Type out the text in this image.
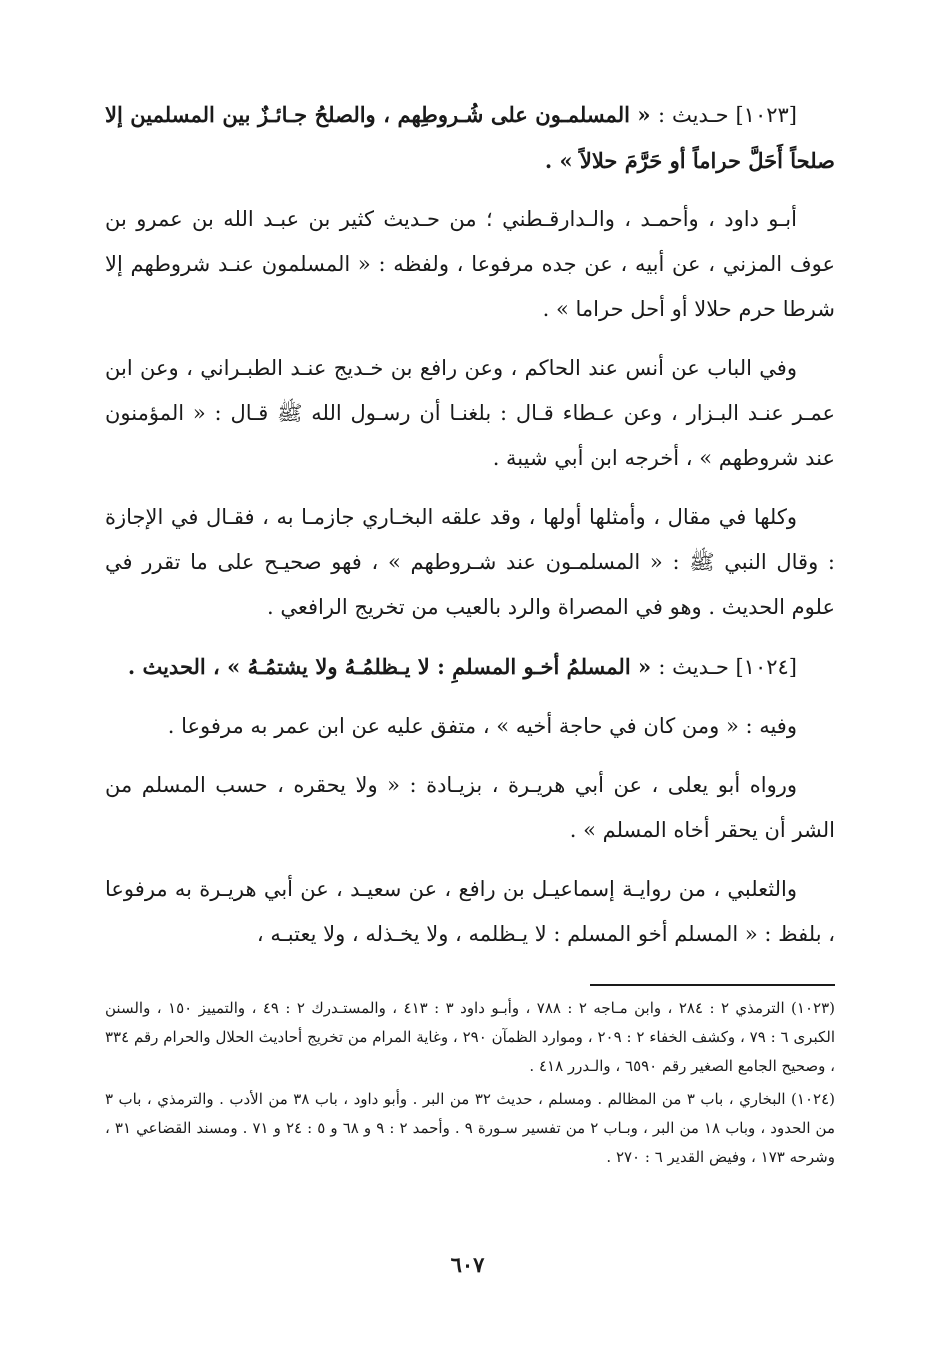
[١٠٢٣] حـديث : « المسلمـون على شُـروطِهم ، والصلحُ جـائـزٌ بين المسلمين إلا صلحاً أَحَلَّ حراماً أو حَرَّمَ حلالاً » .

أبـو داود ، وأحمـد ، والـدارقـطني ؛ من حـديث كثير بن عبـد الله بن عمرو بن عوف المزني ، عن أبيه ، عن جده مرفوعا ، ولفظه : « المسلمون عنـد شروطهم إلا شرطا حرم حلالا أو أحل حراما » .

وفي الباب عن أنس عند الحاكم ، وعن رافع بن خـديج عنـد الطبـراني ، وعن ابن عمـر عنـد البـزار ، وعن عـطاء قـال : بلغنـا أن رسـول الله ﷺ قـال : « المؤمنون عند شروطهم » ، أخرجه ابن أبي شيبة .

وكلها في مقال ، وأمثلها أولها ، وقد علقه البخـاري جازمـا به ، فقـال في الإجازة : وقال النبي ﷺ : « المسلمـون عند شـروطهم » ، فهو صحيـح على ما تقرر في علوم الحديث . وهو في المصراة والرد بالعيب من تخريج الرافعي .

[١٠٢٤] حـديث : « المسلمُ أخـو المسلمِ : لا يـظلمُـهُ ولا يشتمُـهُ » ، الحديث .

وفيه : « ومن كان في حاجة أخيه » ، متفق عليه عن ابن عمر به مرفوعا .

ورواه أبو يعلى ، عن أبي هريـرة ، بزيـادة : « ولا يحقره ، حسب المسلم من الشر أن يحقر أخاه المسلم » .

والثعلبي ، من روايـة إسماعيـل بن رافع ، عن سعيـد ، عن أبي هريـرة به مرفوعا ، بلفظ : « المسلم أخو المسلم : لا يـظلمه ، ولا يخـذله ، ولا يعتبـه ،

(١٠٢٣) الترمذي ٢ : ٢٨٤ ، وابن مـاجه ٢ : ٧٨٨ ، وأبـو داود ٣ : ٤١٣ ، والمستـدرك ٢ : ٤٩ ، والتمييز ١٥٠ ، والسنن الكبرى ٦ : ٧٩ ، وكشف الخفاء ٢ : ٢٠٩ ، وموارد الظمآن ٢٩٠ ، وغاية المرام من تخريج أحاديث الحلال والحرام رقم ٣٣٤ ، وصحيح الجامع الصغير رقم ٦٥٩٠ ، والـدرر ٤١٨ .

(١٠٢٤) البخاري ، باب ٣ من المظالم . ومسلم ، حديث ٣٢ من البر . وأبو داود ، باب ٣٨ من الأدب . والترمذي ، باب ٣ من الحدود ، وباب ١٨ من البر ، وبـاب ٢ من تفسير سـورة ٩ . وأحمد ٢ : ٩ و ٦٨ و ٥ : ٢٤ و ٧١ . ومسند القضاعي ٣١ ، وشرحه ١٧٣ ، وفيض القدير ٦ : ٢٧٠ .

٦٠٧
